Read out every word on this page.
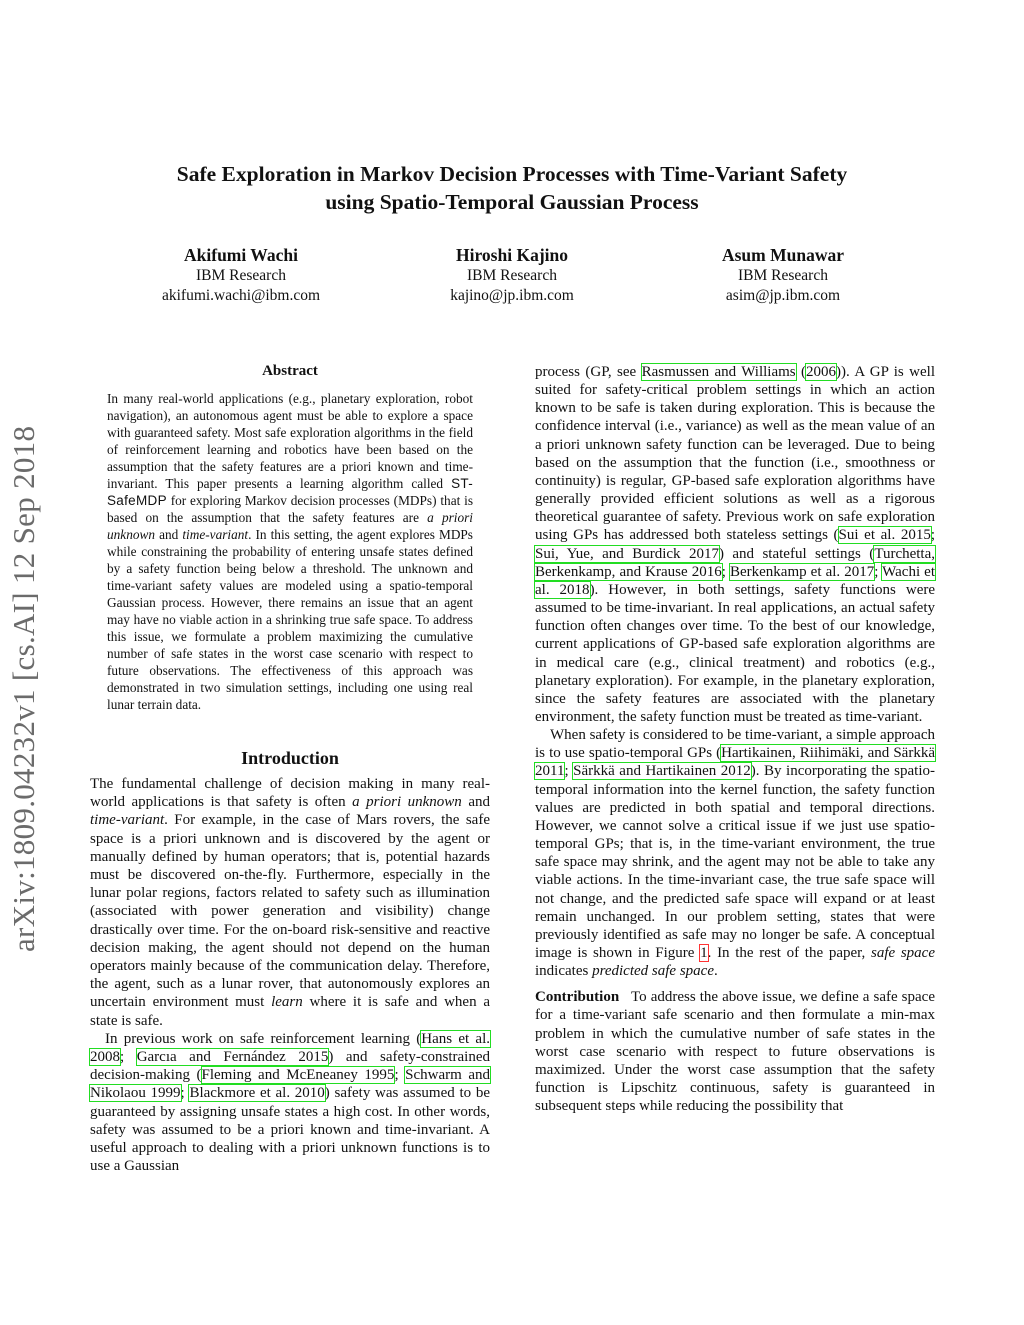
Safe Exploration in Markov Decision Processes with Time-Variant Safety
using Spatio-Temporal Gaussian Process
Akifumi Wachi
IBM Research
akifumi.wachi@ibm.com
Hiroshi Kajino
IBM Research
kajino@jp.ibm.com
Asum Munawar
IBM Research
asim@jp.ibm.com
arXiv:1809.04232v1 [cs.AI] 12 Sep 2018
Abstract

In many real-world applications (e.g., planetary exploration, robot navigation), an autonomous agent must be able to explore a space with guaranteed safety. Most safe exploration algorithms in the field of reinforcement learning and robotics have been based on the assumption that the safety features are a priori known and time-invariant. This paper presents a learning algorithm called ST-SafeMDP for exploring Markov decision processes (MDPs) that is based on the assumption that the safety features are a priori unknown and time-variant. In this setting, the agent explores MDPs while constraining the probability of entering unsafe states defined by a safety function being below a threshold. The unknown and time-variant safety values are modeled using a spatio-temporal Gaussian process. However, there remains an issue that an agent may have no viable action in a shrinking true safe space. To address this issue, we formulate a problem maximizing the cumulative number of safe states in the worst case scenario with respect to future observations. The effectiveness of this approach was demonstrated in two simulation settings, including one using real lunar terrain data.

Introduction

The fundamental challenge of decision making in many real-world applications is that safety is often a priori unknown and time-variant. For example, in the case of Mars rovers, the safe space is a priori unknown and is discovered by the agent or manually defined by human operators; that is, potential hazards must be discovered on-the-fly. Furthermore, especially in the lunar polar regions, factors related to safety such as illumination (associated with power generation and visibility) change drastically over time. For the on-board risk-sensitive and reactive decision making, the agent should not depend on the human operators mainly because of the communication delay. Therefore, the agent, such as a lunar rover, that autonomously explores an uncertain environment must learn where it is safe and when a state is safe.

In previous work on safe reinforcement learning (Hans et al. 2008; Garcıa and Fernández 2015) and safety-constrained decision-making (Fleming and McEneaney 1995; Schwarm and Nikolaou 1999; Blackmore et al. 2010) safety was assumed to be guaranteed by assigning unsafe states a high cost. In other words, safety was assumed to be a priori known and time-invariant. A useful approach to dealing with a priori unknown functions is to use a Gaussian

process (GP, see Rasmussen and Williams (2006)). A GP is well suited for safety-critical problem settings in which an action known to be safe is taken during exploration. This is because the confidence interval (i.e., variance) as well as the mean value of an a priori unknown safety function can be leveraged. Due to being based on the assumption that the function (i.e., smoothness or continuity) is regular, GP-based safe exploration algorithms have generally provided efficient solutions as well as a rigorous theoretical guarantee of safety. Previous work on safe exploration using GPs has addressed both stateless settings (Sui et al. 2015; Sui, Yue, and Burdick 2017) and stateful settings (Turchetta, Berkenkamp, and Krause 2016; Berkenkamp et al. 2017; Wachi et al. 2018). However, in both settings, safety functions were assumed to be time-invariant. In real applications, an actual safety function often changes over time. To the best of our knowledge, current applications of GP-based safe exploration algorithms are in medical care (e.g., clinical treatment) and robotics (e.g., planetary exploration). For example, in the planetary exploration, since the safety features are associated with the planetary environment, the safety function must be treated as time-variant.

When safety is considered to be time-variant, a simple approach is to use spatio-temporal GPs (Hartikainen, Riihimäki, and Särkkä 2011; Särkkä and Hartikainen 2012). By incorporating the spatio-temporal information into the kernel function, the safety function values are predicted in both spatial and temporal directions. However, we cannot solve a critical issue if we just use spatio-temporal GPs; that is, in the time-variant environment, the true safe space may shrink, and the agent may not be able to take any viable actions. In the time-invariant case, the true safe space will not change, and the predicted safe space will expand or at least remain unchanged. In our problem setting, states that were previously identified as safe may no longer be safe. A conceptual image is shown in Figure 1. In the rest of the paper, safe space indicates predicted safe space.

Contribution   To address the above issue, we define a safe space for a time-variant safe scenario and then formulate a min-max problem in which the cumulative number of safe states in the worst case scenario with respect to future observations is maximized. Under the worst case assumption that the safety function is Lipschitz continuous, safety is guaranteed in subsequent steps while reducing the possibility that
